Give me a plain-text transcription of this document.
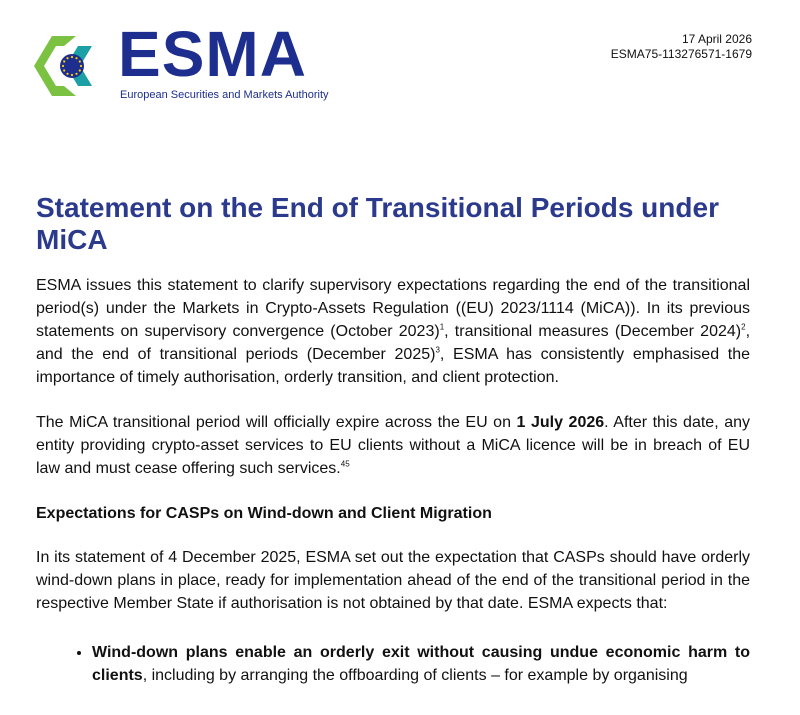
ESMA
European Securities and Markets Authority
17 April 2026
ESMA75-113276571-1679
Statement on the End of Transitional Periods under MiCA

ESMA issues this statement to clarify supervisory expectations regarding the end of the transitional period(s) under the Markets in Crypto-Assets Regulation ((EU) 2023/1114 (MiCA)). In its previous statements on supervisory convergence (October 2023)$^1$, transitional measures (December 2024)$^2$, and the end of transitional periods (December 2025)$^3$, ESMA has consistently emphasised the importance of timely authorisation, orderly transition, and client protection.

The MiCA transitional period will officially expire across the EU on 1 July 2026. After this date, any entity providing crypto-asset services to EU clients without a MiCA licence will be in breach of EU law and must cease offering such services.$^{45}$

Expectations for CASPs on Wind-down and Client Migration

In its statement of 4 December 2025, ESMA set out the expectation that CASPs should have orderly wind-down plans in place, ready for implementation ahead of the end of the transitional period in the respective Member State if authorisation is not obtained by that date. ESMA expects that:

• Wind-down plans enable an orderly exit without causing undue economic harm to clients, including by arranging the offboarding of clients – for example by organising
